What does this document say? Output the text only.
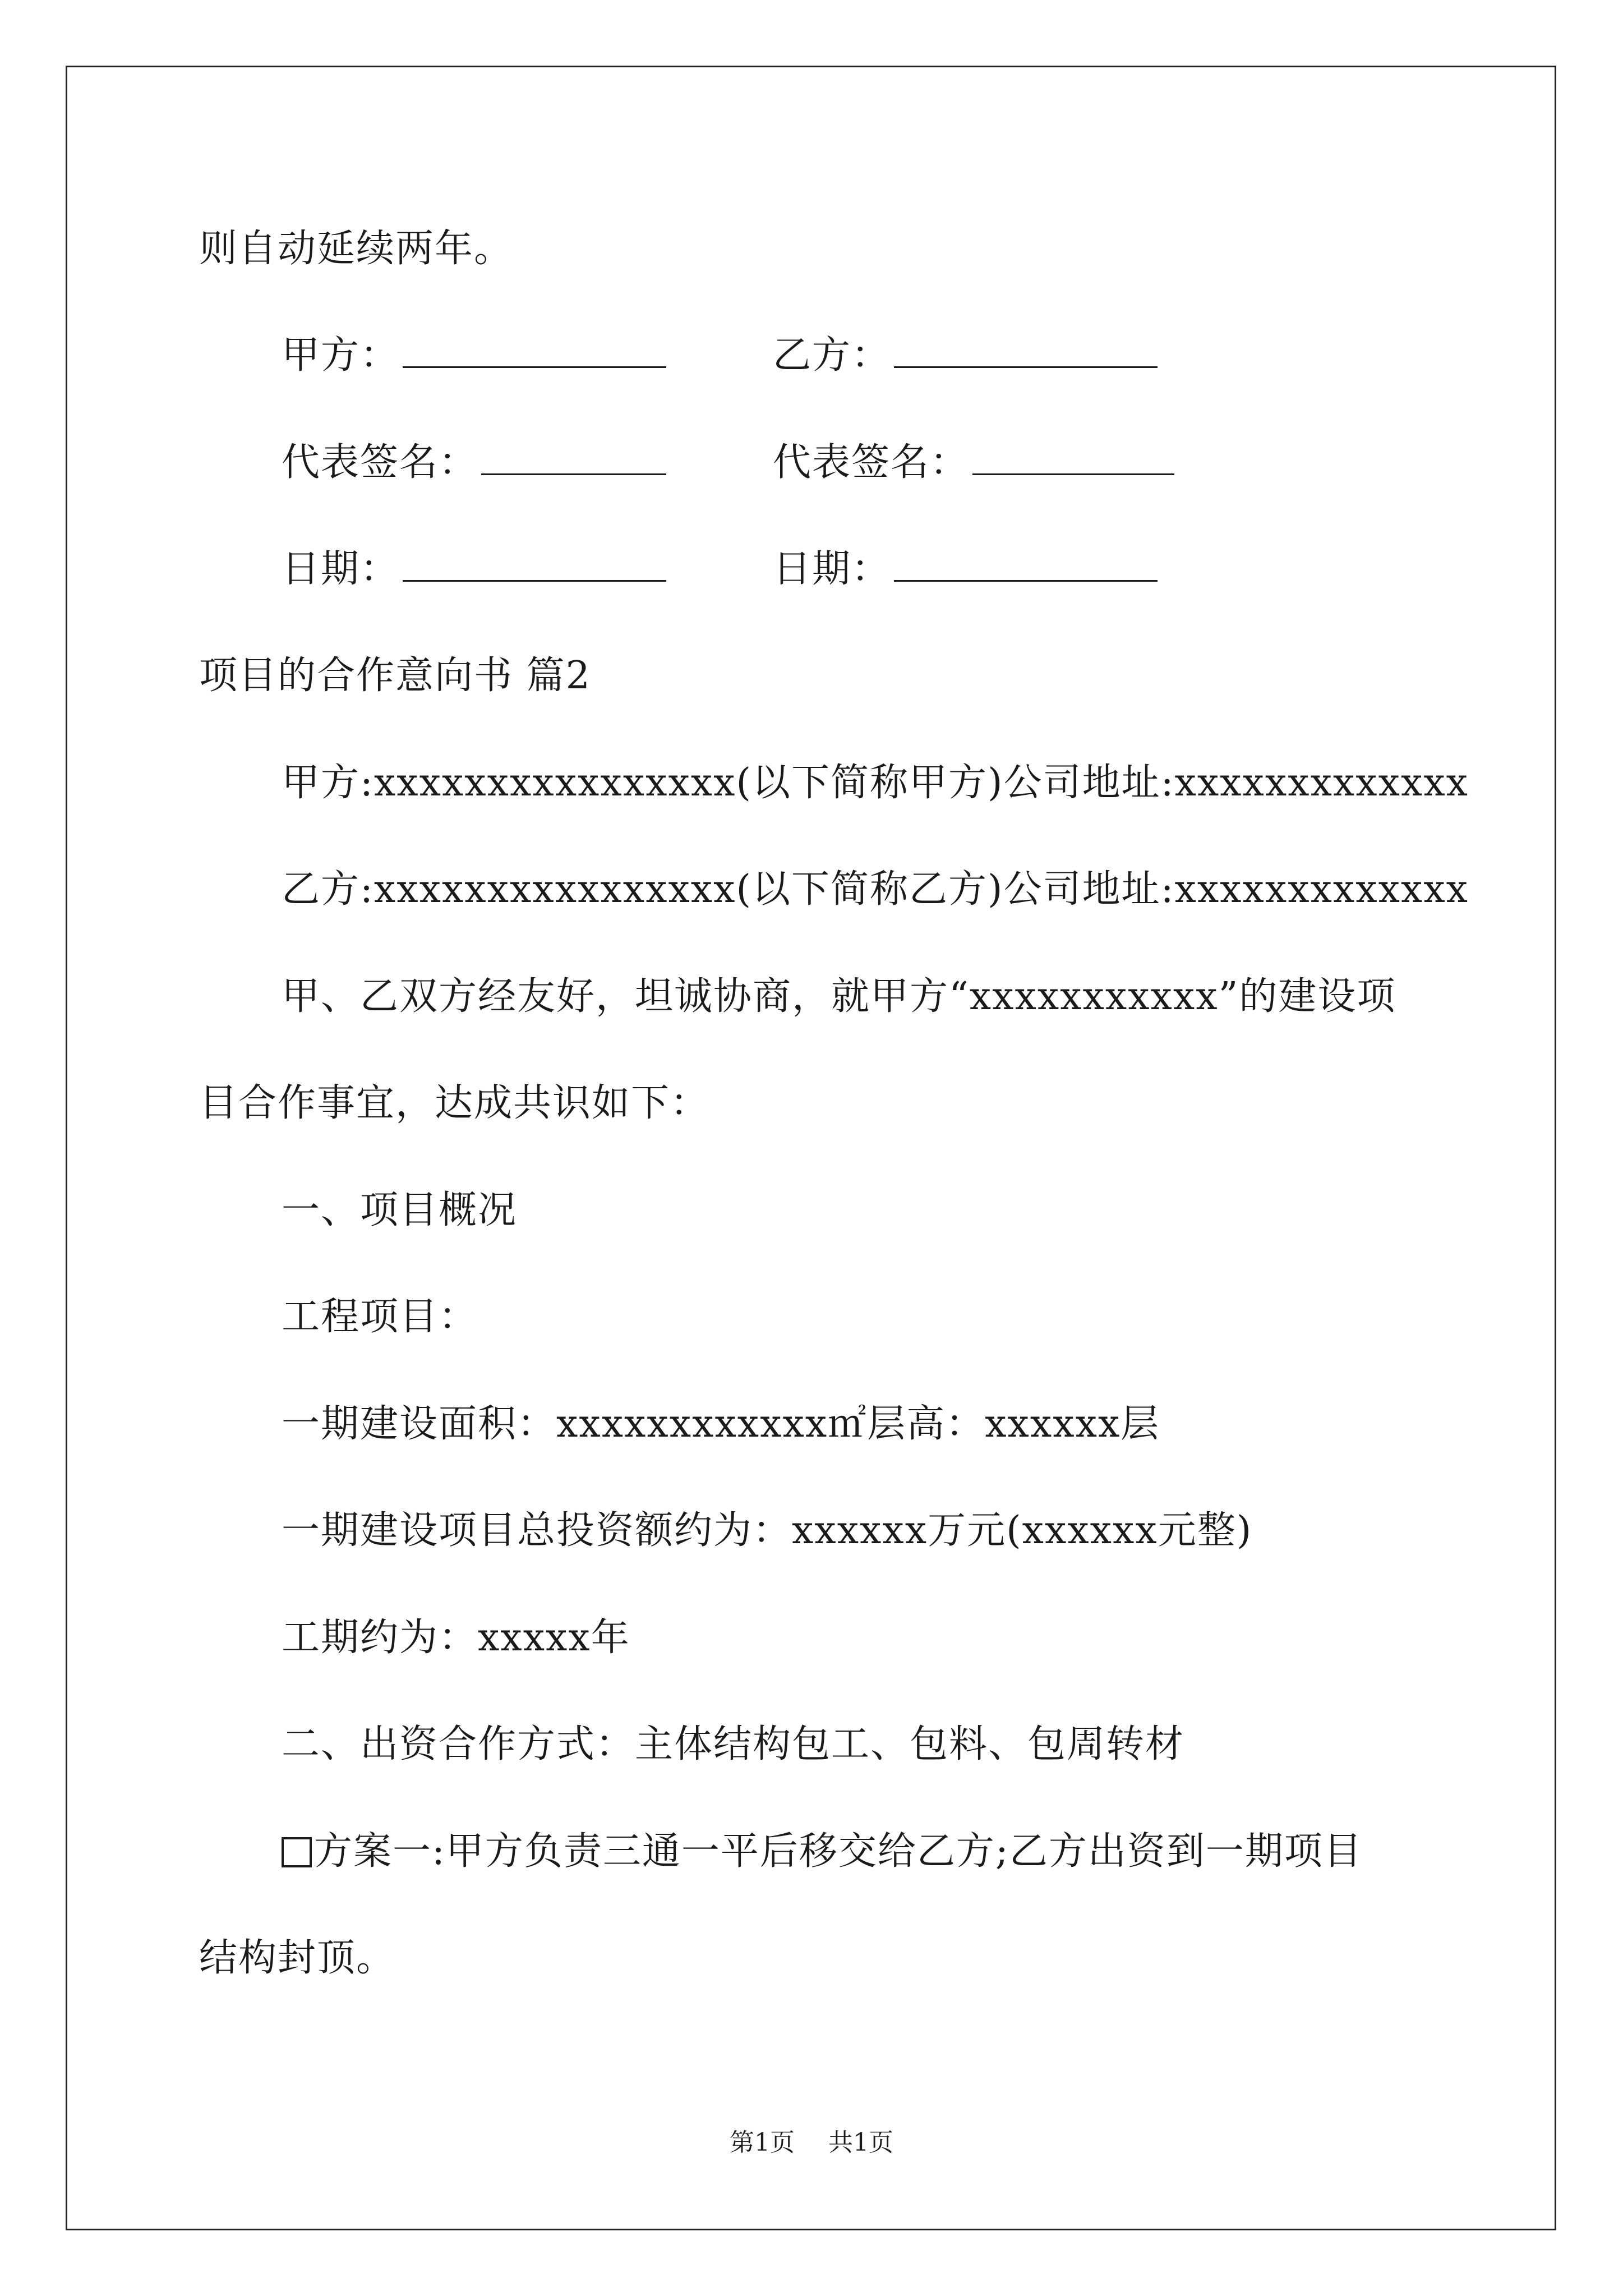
则自动延续两年。
甲方：	乙方：
代表签名：	代表签名：
日期：	日期：
项目的合作意向书 篇2
甲方:xxxxxxxxxxxxxxxx(以下简称甲方)公司地址:xxxxxxxxxxxxx
乙方:xxxxxxxxxxxxxxxx(以下简称乙方)公司地址:xxxxxxxxxxxxx
甲、乙双方经友好，坦诚协商，就甲方“xxxxxxxxxxx”的建设项
目合作事宜，达成共识如下：
一、项目概况
工程项目：
一期建设面积：xxxxxxxxxxxx㎡层高：xxxxxx层
一期建设项目总投资额约为：xxxxxx万元(xxxxxx元整)
工期约为：xxxxx年
二、出资合作方式：主体结构包工、包料、包周转材
方案一:甲方负责三通一平后移交给乙方;乙方出资到一期项目
结构封顶。
第1页 共1页
